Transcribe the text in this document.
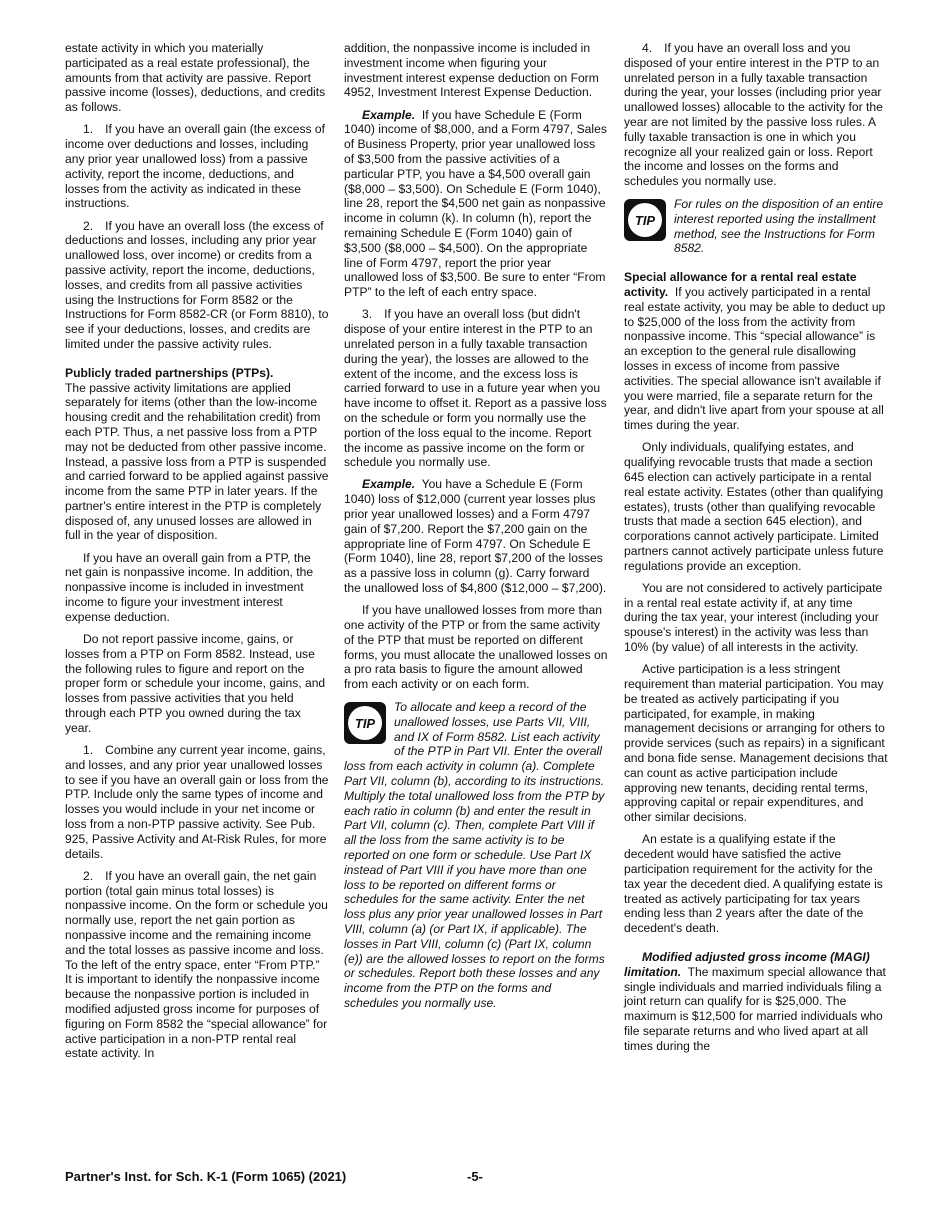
estate activity in which you materially participated as a real estate professional), the amounts from that activity are passive. Report passive income (losses), deductions, and credits as follows.

1. If you have an overall gain (the excess of income over deductions and losses, including any prior year unallowed loss) from a passive activity, report the income, deductions, and losses from the activity as indicated in these instructions.

2. If you have an overall loss (the excess of deductions and losses, including any prior year unallowed loss, over income) or credits from a passive activity, report the income, deductions, losses, and credits from all passive activities using the Instructions for Form 8582 or the Instructions for Form 8582-CR (or Form 8810), to see if your deductions, losses, and credits are limited under the passive activity rules.

Publicly traded partnerships (PTPs).
The passive activity limitations are applied separately for items (other than the low-income housing credit and the rehabilitation credit) from each PTP. Thus, a net passive loss from a PTP may not be deducted from other passive income. Instead, a passive loss from a PTP is suspended and carried forward to be applied against passive income from the same PTP in later years. If the partner's entire interest in the PTP is completely disposed of, any unused losses are allowed in full in the year of disposition.

If you have an overall gain from a PTP, the net gain is nonpassive income. In addition, the nonpassive income is included in investment income to figure your investment interest expense deduction.

Do not report passive income, gains, or losses from a PTP on Form 8582. Instead, use the following rules to figure and report on the proper form or schedule your income, gains, and losses from passive activities that you held through each PTP you owned during the tax year.

1. Combine any current year income, gains, and losses, and any prior year unallowed losses to see if you have an overall gain or loss from the PTP. Include only the same types of income and losses you would include in your net income or loss from a non-PTP passive activity. See Pub. 925, Passive Activity and At-Risk Rules, for more details.

2. If you have an overall gain, the net gain portion (total gain minus total losses) is nonpassive income. On the form or schedule you normally use, report the net gain portion as nonpassive income and the remaining income and the total losses as passive income and loss. To the left of the entry space, enter “From PTP.” It is important to identify the nonpassive income because the nonpassive portion is included in modified adjusted gross income for purposes of figuring on Form 8582 the “special allowance” for active participation in a non-PTP rental real estate activity. In

addition, the nonpassive income is included in investment income when figuring your investment interest expense deduction on Form 4952, Investment Interest Expense Deduction.

Example. If you have Schedule E (Form 1040) income of $8,000, and a Form 4797, Sales of Business Property, prior year unallowed loss of $3,500 from the passive activities of a particular PTP, you have a $4,500 overall gain ($8,000 – $3,500). On Schedule E (Form 1040), line 28, report the $4,500 net gain as nonpassive income in column (k). In column (h), report the remaining Schedule E (Form 1040) gain of $3,500 ($8,000 – $4,500). On the appropriate line of Form 4797, report the prior year unallowed loss of $3,500. Be sure to enter “From PTP” to the left of each entry space.

3. If you have an overall loss (but didn't dispose of your entire interest in the PTP to an unrelated person in a fully taxable transaction during the year), the losses are allowed to the extent of the income, and the excess loss is carried forward to use in a future year when you have income to offset it. Report as a passive loss on the schedule or form you normally use the portion of the loss equal to the income. Report the income as passive income on the form or schedule you normally use.

Example. You have a Schedule E (Form 1040) loss of $12,000 (current year losses plus prior year unallowed losses) and a Form 4797 gain of $7,200. Report the $7,200 gain on the appropriate line of Form 4797. On Schedule E (Form 1040), line 28, report $7,200 of the losses as a passive loss in column (g). Carry forward the unallowed loss of $4,800 ($12,000 – $7,200).

If you have unallowed losses from more than one activity of the PTP or from the same activity of the PTP that must be reported on different forms, you must allocate the unallowed losses on a pro rata basis to figure the amount allowed from each activity or on each form.

TIP
To allocate and keep a record of the unallowed losses, use Parts VII, VIII, and IX of Form 8582. List each activity of the PTP in Part VII. Enter the overall loss from each activity in column (a). Complete Part VII, column (b), according to its instructions. Multiply the total unallowed loss from the PTP by each ratio in column (b) and enter the result in Part VII, column (c). Then, complete Part VIII if all the loss from the same activity is to be reported on one form or schedule. Use Part IX instead of Part VIII if you have more than one loss to be reported on different forms or schedules for the same activity. Enter the net loss plus any prior year unallowed losses in Part VIII, column (a) (or Part IX, if applicable). The losses in Part VIII, column (c) (Part IX, column (e)) are the allowed losses to report on the forms or schedules. Report both these losses and any income from the PTP on the forms and schedules you normally use.

4. If you have an overall loss and you disposed of your entire interest in the PTP to an unrelated person in a fully taxable transaction during the year, your losses (including prior year unallowed losses) allocable to the activity for the year are not limited by the passive loss rules. A fully taxable transaction is one in which you recognize all your realized gain or loss. Report the income and losses on the forms and schedules you normally use.

TIP
For rules on the disposition of an entire interest reported using the installment method, see the Instructions for Form 8582.

Special allowance for a rental real estate activity. If you actively participated in a rental real estate activity, you may be able to deduct up to $25,000 of the loss from the activity from nonpassive income. This “special allowance” is an exception to the general rule disallowing losses in excess of income from passive activities. The special allowance isn't available if you were married, file a separate return for the year, and didn't live apart from your spouse at all times during the year.

Only individuals, qualifying estates, and qualifying revocable trusts that made a section 645 election can actively participate in a rental real estate activity. Estates (other than qualifying estates), trusts (other than qualifying revocable trusts that made a section 645 election), and corporations cannot actively participate. Limited partners cannot actively participate unless future regulations provide an exception.

You are not considered to actively participate in a rental real estate activity if, at any time during the tax year, your interest (including your spouse's interest) in the activity was less than 10% (by value) of all interests in the activity.

Active participation is a less stringent requirement than material participation. You may be treated as actively participating if you participated, for example, in making management decisions or arranging for others to provide services (such as repairs) in a significant and bona fide sense. Management decisions that can count as active participation include approving new tenants, deciding rental terms, approving capital or repair expenditures, and other similar decisions.

An estate is a qualifying estate if the decedent would have satisfied the active participation requirement for the activity for the tax year the decedent died. A qualifying estate is treated as actively participating for tax years ending less than 2 years after the date of the decedent's death.

Modified adjusted gross income (MAGI) limitation. The maximum special allowance that single individuals and married individuals filing a joint return can qualify for is $25,000. The maximum is $12,500 for married individuals who file separate returns and who lived apart at all times during the

Partner's Inst. for Sch. K-1 (Form 1065) (2021)	-5-
